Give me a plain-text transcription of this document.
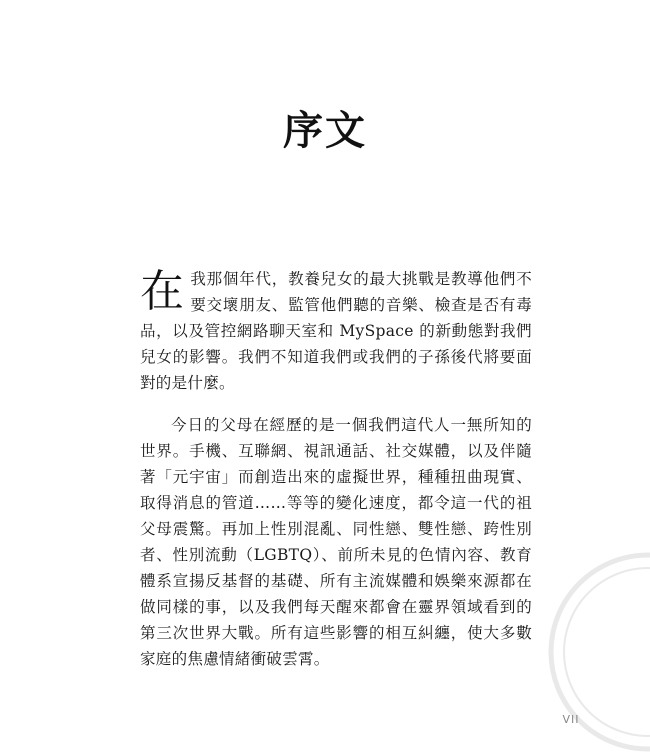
序文

在我那個年代，教養兒女的最大挑戰是教導他們不要交壞朋友、監管他們聽的音樂、檢查是否有毒品，以及管控網路聊天室和 MySpace 的新動態對我們兒女的影響。我們不知道我們或我們的子孫後代將要面對的是什麼。

今日的父母在經歷的是一個我們這代人一無所知的世界。手機、互聯網、視訊通話、社交媒體，以及伴隨著「元宇宙」而創造出來的虛擬世界，種種扭曲現實、取得消息的管道……等等的變化速度，都令這一代的祖父母震驚。再加上性別混亂、同性戀、雙性戀、跨性別者、性別流動（LGBTQ）、前所未見的色情內容、教育體系宣揚反基督的基礎、所有主流媒體和娛樂來源都在做同樣的事，以及我們每天醒來都會在靈界領域看到的第三次世界大戰。所有這些影響的相互糾纏，使大多數家庭的焦慮情緒衝破雲霄。

VII
